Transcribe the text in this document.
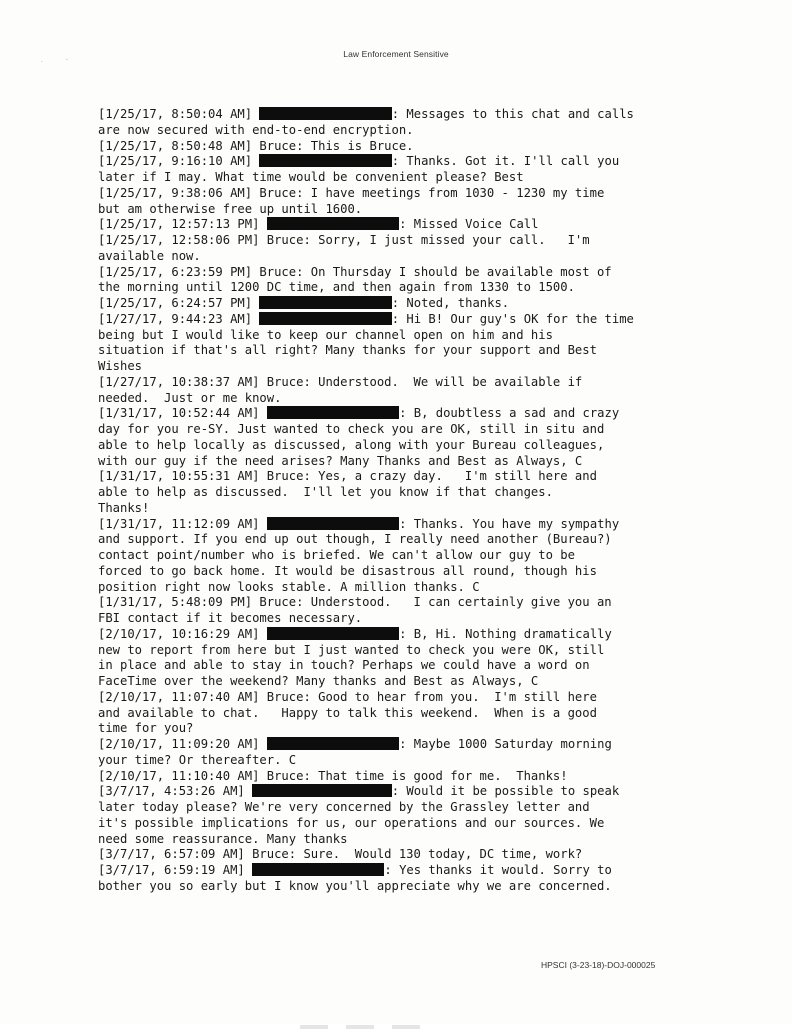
Law Enforcement Sensitive
.	´
[1/25/17, 8:50:04 AM]	: Messages to this chat and calls
are now secured with end-to-end encryption.
[1/25/17, 8:50:48 AM] Bruce: This is Bruce.
[1/25/17, 9:16:10 AM]	: Thanks. Got it. I'll call you
later if I may. What time would be convenient please? Best
[1/25/17, 9:38:06 AM] Bruce: I have meetings from 1030 - 1230 my time
but am otherwise free up until 1600.
[1/25/17, 12:57:13 PM]	: Missed Voice Call
[1/25/17, 12:58:06 PM] Bruce: Sorry, I just missed your call.   I'm
available now.
[1/25/17, 6:23:59 PM] Bruce: On Thursday I should be available most of
the morning until 1200 DC time, and then again from 1330 to 1500.
[1/25/17, 6:24:57 PM]	: Noted, thanks.
[1/27/17, 9:44:23 AM]	: Hi B! Our guy's OK for the time
being but I would like to keep our channel open on him and his
situation if that's all right? Many thanks for your support and Best
Wishes
[1/27/17, 10:38:37 AM] Bruce: Understood.  We will be available if
needed.  Just or me know.
[1/31/17, 10:52:44 AM]	: B, doubtless a sad and crazy
day for you re-SY. Just wanted to check you are OK, still in situ and
able to help locally as discussed, along with your Bureau colleagues,
with our guy if the need arises? Many Thanks and Best as Always, C
[1/31/17, 10:55:31 AM] Bruce: Yes, a crazy day.   I'm still here and
able to help as discussed.  I'll let you know if that changes.
Thanks!
[1/31/17, 11:12:09 AM]	: Thanks. You have my sympathy
and support. If you end up out though, I really need another (Bureau?)
contact point/number who is briefed. We can't allow our guy to be
forced to go back home. It would be disastrous all round, though his
position right now looks stable. A million thanks. C
[1/31/17, 5:48:09 PM] Bruce: Understood.   I can certainly give you an
FBI contact if it becomes necessary.
[2/10/17, 10:16:29 AM]	: B, Hi. Nothing dramatically
new to report from here but I just wanted to check you were OK, still
in place and able to stay in touch? Perhaps we could have a word on
FaceTime over the weekend? Many thanks and Best as Always, C
[2/10/17, 11:07:40 AM] Bruce: Good to hear from you.  I'm still here
and available to chat.   Happy to talk this weekend.  When is a good
time for you?
[2/10/17, 11:09:20 AM]	: Maybe 1000 Saturday morning
your time? Or thereafter. C
[2/10/17, 11:10:40 AM] Bruce: That time is good for me.  Thanks!
[3/7/17, 4:53:26 AM]	: Would it be possible to speak
later today please? We're very concerned by the Grassley letter and
it's possible implications for us, our operations and our sources. We
need some reassurance. Many thanks
[3/7/17, 6:57:09 AM] Bruce: Sure.  Would 130 today, DC time, work?
[3/7/17, 6:59:19 AM]	: Yes thanks it would. Sorry to
bother you so early but I know you'll appreciate why we are concerned.
HPSCI (3-23-18)-DOJ-000025
